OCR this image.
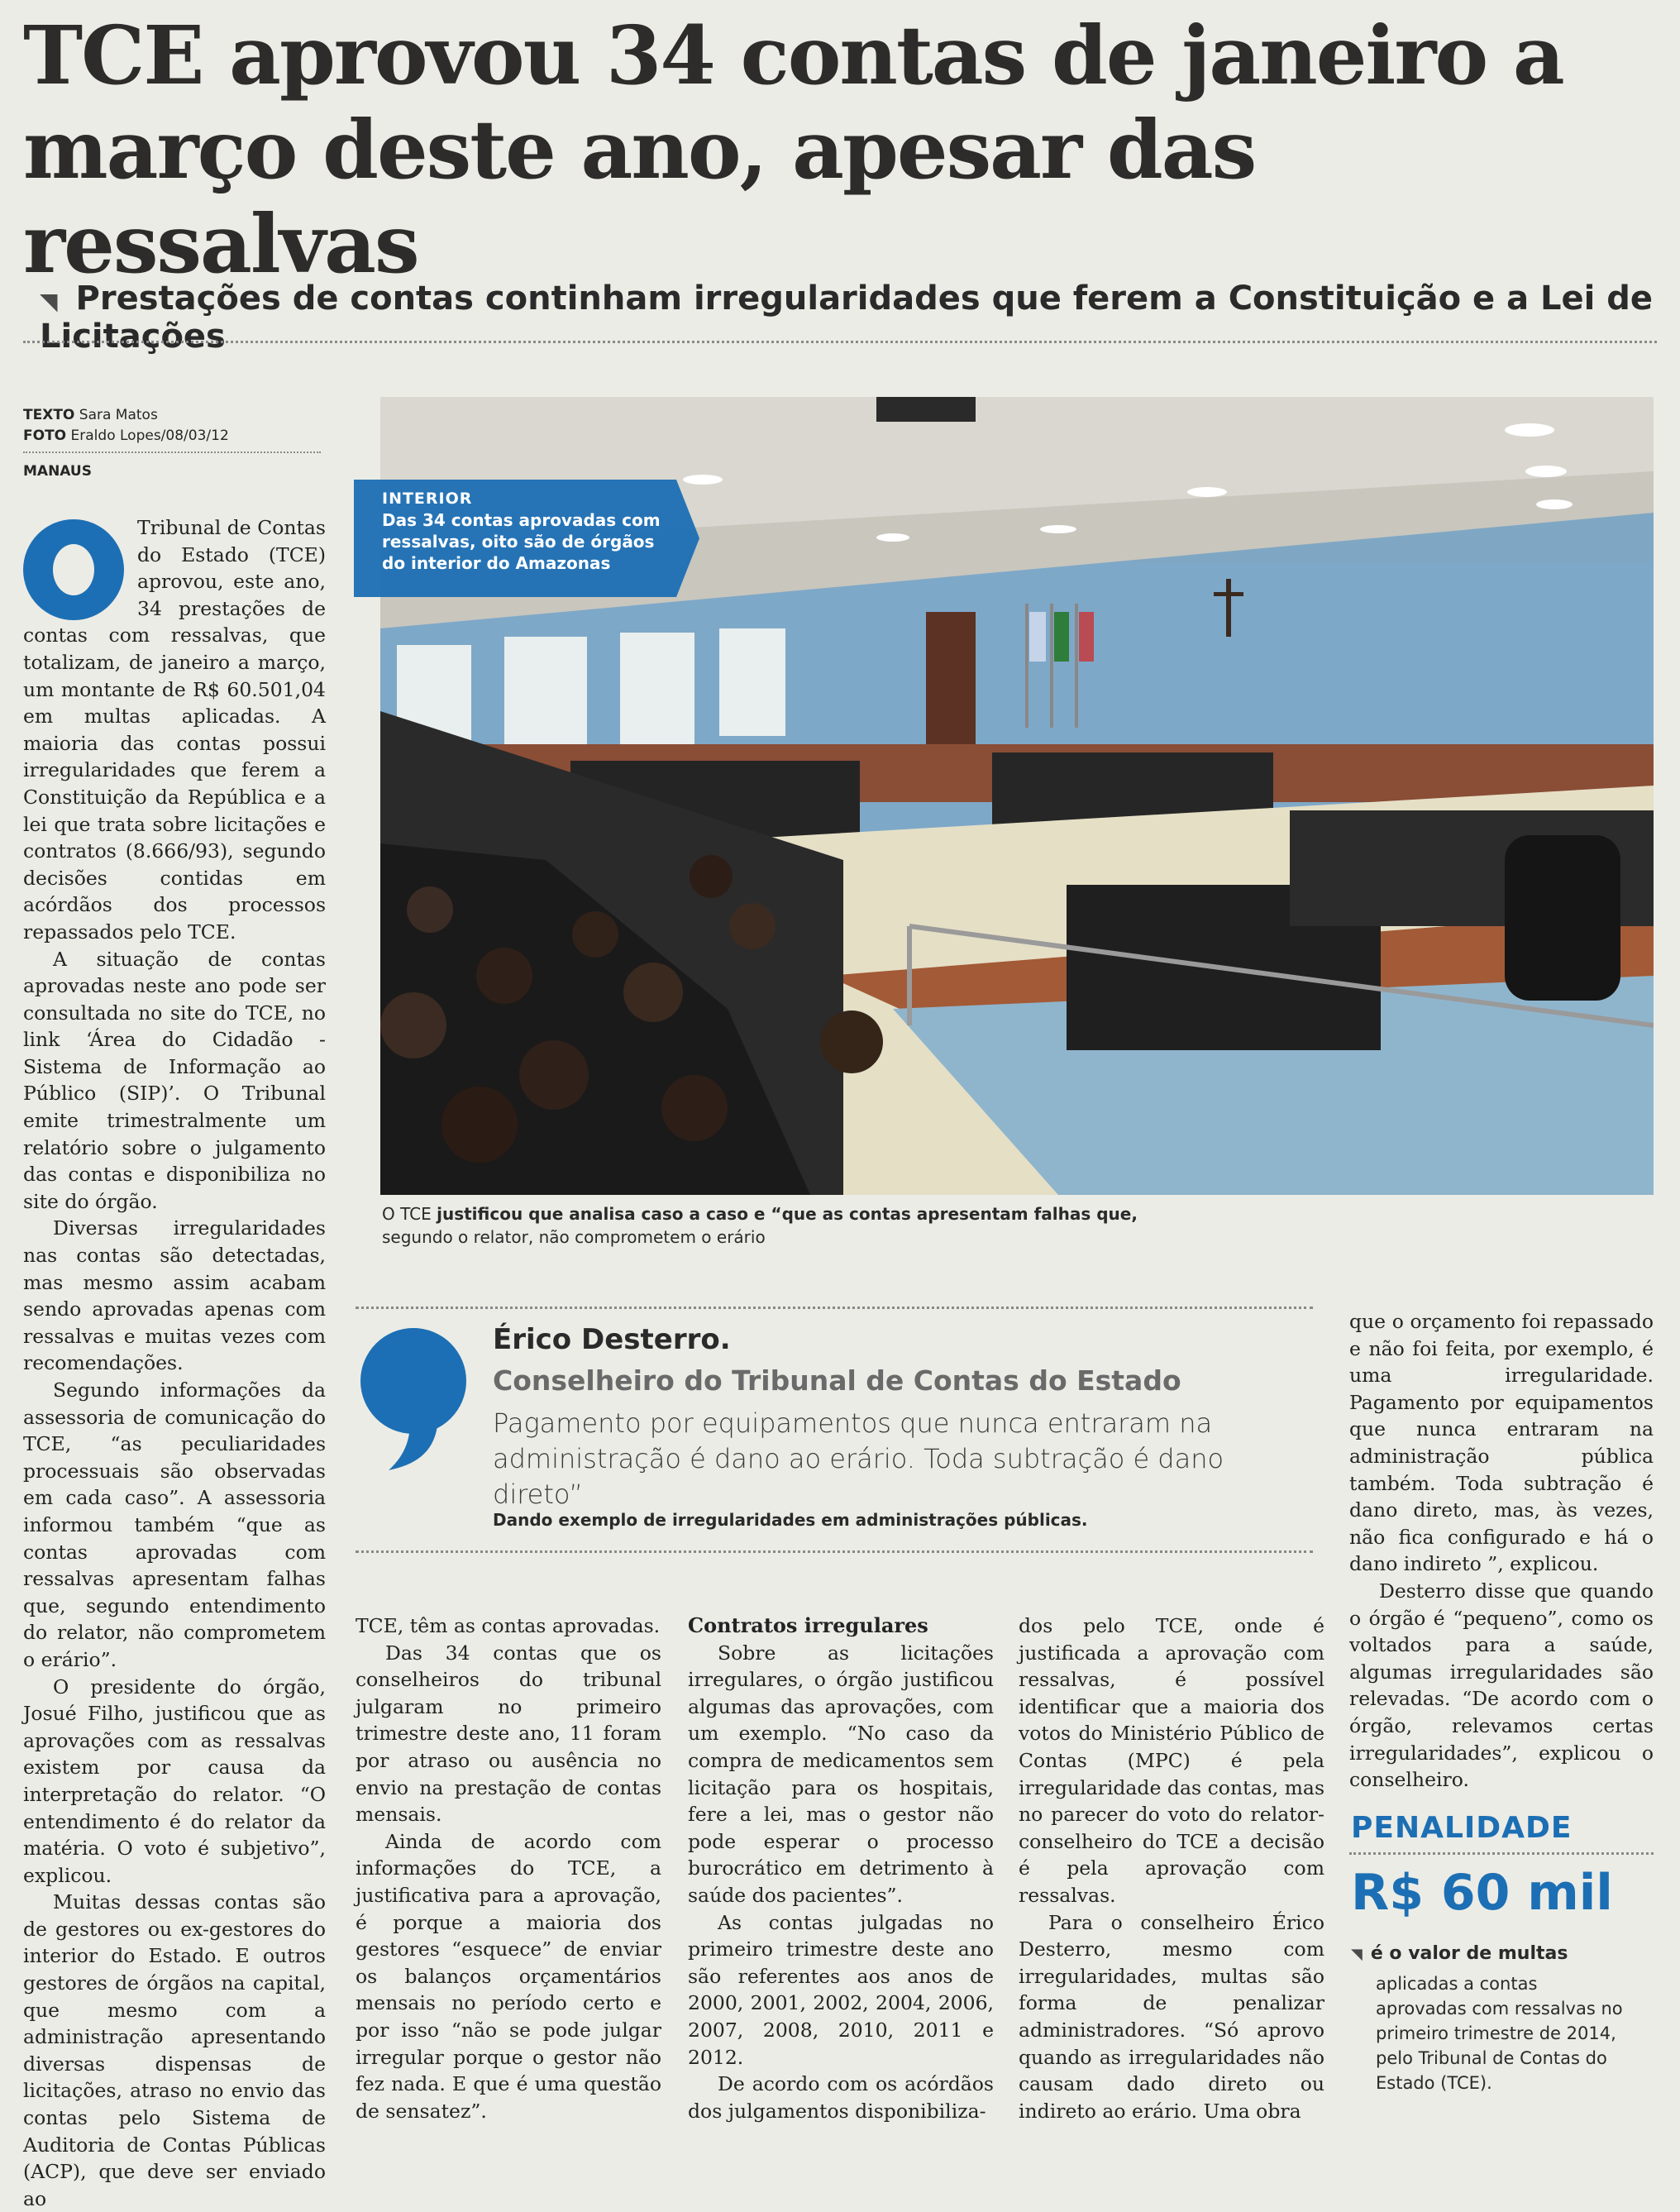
TCE aprovou 34 contas de janeiro a
março deste ano, apesar das ressalvas
◥ Prestações de contas continham irregularidades que ferem a Constituição e a Lei de Licitações
TEXTO Sara Matos
FOTO Eraldo Lopes/08/03/12
MANAUS

Tribunal de Contas do Estado (TCE) aprovou, este ano, 34 prestações de contas com ressalvas, que totalizam, de janeiro a março, um montante de R$ 60.501,04 em multas aplicadas. A maioria das contas possui irregularidades que ferem a Constituição da República e a lei que trata sobre licitações e contratos (8.666/93), segundo decisões contidas em acórdãos dos processos repassados pelo TCE.

A situação de contas aprovadas neste ano pode ser consultada no site do TCE, no link ‘Área do Cidadão - Sistema de Informação ao Público (SIP)’. O Tribunal emite trimestralmente um relatório sobre o julgamento das contas e disponibiliza no site do órgão.

Diversas irregularidades nas contas são detectadas, mas mesmo assim acabam sendo aprovadas apenas com ressalvas e muitas vezes com recomendações.

Segundo informações da assessoria de comunicação do TCE, “as peculiaridades processuais são observadas em cada caso”. A assessoria informou também “que as contas aprovadas com ressalvas apresentam falhas que, segundo entendimento do relator, não comprometem o erário”.

O presidente do órgão, Josué Filho, justificou que as aprovações com as ressalvas existem por causa da interpretação do relator. “O entendimento é do relator da matéria. O voto é subjetivo”, explicou.

Muitas dessas contas são de gestores ou ex-gestores do interior do Estado. E outros gestores de órgãos na capital, que mesmo com a administração apresentando diversas dispensas de licitações, atraso no envio das contas pelo Sistema de Auditoria de Contas Públicas (ACP), que deve ser enviado ao

INTERIOR
Das 34 contas aprovadas com ressalvas, oito são de órgãos do interior do Amazonas
O TCE justificou que analisa caso a caso e “que as contas apresentam falhas que,
segundo o relator, não comprometem o erário
Érico Desterro.
Conselheiro do Tribunal de Contas do Estado
Pagamento por equipamentos que nunca entraram na administração é dano ao erário. Toda subtração é dano direto”
Dando exemplo de irregularidades em administrações públicas.

TCE, têm as contas aprovadas.

Das 34 contas que os conselheiros do tribunal julgaram no primeiro trimestre deste ano, 11 foram por atraso ou ausência no envio na prestação de contas mensais.

Ainda de acordo com informações do TCE, a justificativa para a aprovação, é porque a maioria dos gestores “esquece” de enviar os balanços orçamentários mensais no período certo e por isso “não se pode julgar irregular porque o gestor não fez nada. E que é uma questão de sensatez”.

Contratos irregulares

Sobre as licitações irregulares, o órgão justificou algumas das aprovações, com um exemplo. “No caso da compra de medicamentos sem licitação para os hospitais, fere a lei, mas o gestor não pode esperar o processo burocrático em detrimento à saúde dos pacientes”.

As contas julgadas no primeiro trimestre deste ano são referentes aos anos de 2000, 2001, 2002, 2004, 2006, 2007, 2008, 2010, 2011 e 2012.

De acordo com os acórdãos dos julgamentos disponibiliza-

dos pelo TCE, onde é justificada a aprovação com ressalvas, é possível identificar que a maioria dos votos do Ministério Público de Contas (MPC) é pela irregularidade das contas, mas no parecer do voto do relator-conselheiro do TCE a decisão é pela aprovação com ressalvas.

Para o conselheiro Érico Desterro, mesmo com irregularidades, multas são forma de penalizar administradores. “Só aprovo quando as irregularidades não causam dado direto ou indireto ao erário. Uma obra

que o orçamento foi repassado e não foi feita, por exemplo, é uma irregularidade. Pagamento por equipamentos que nunca entraram na administração pública também. Toda subtração é dano direto, mas, às vezes, não fica configurado e há o dano indireto ”, explicou.

Desterro disse que quando o órgão é “pequeno”, como os voltados para a saúde, algumas irregularidades são relevadas. “De acordo com o órgão, relevamos certas irregularidades”, explicou o conselheiro.

PENALIDADE
R$ 60 mil
◥ é o valor de multas
aplicadas a contas aprovadas com ressalvas no primeiro trimestre de 2014, pelo Tribunal de Contas do Estado (TCE).
